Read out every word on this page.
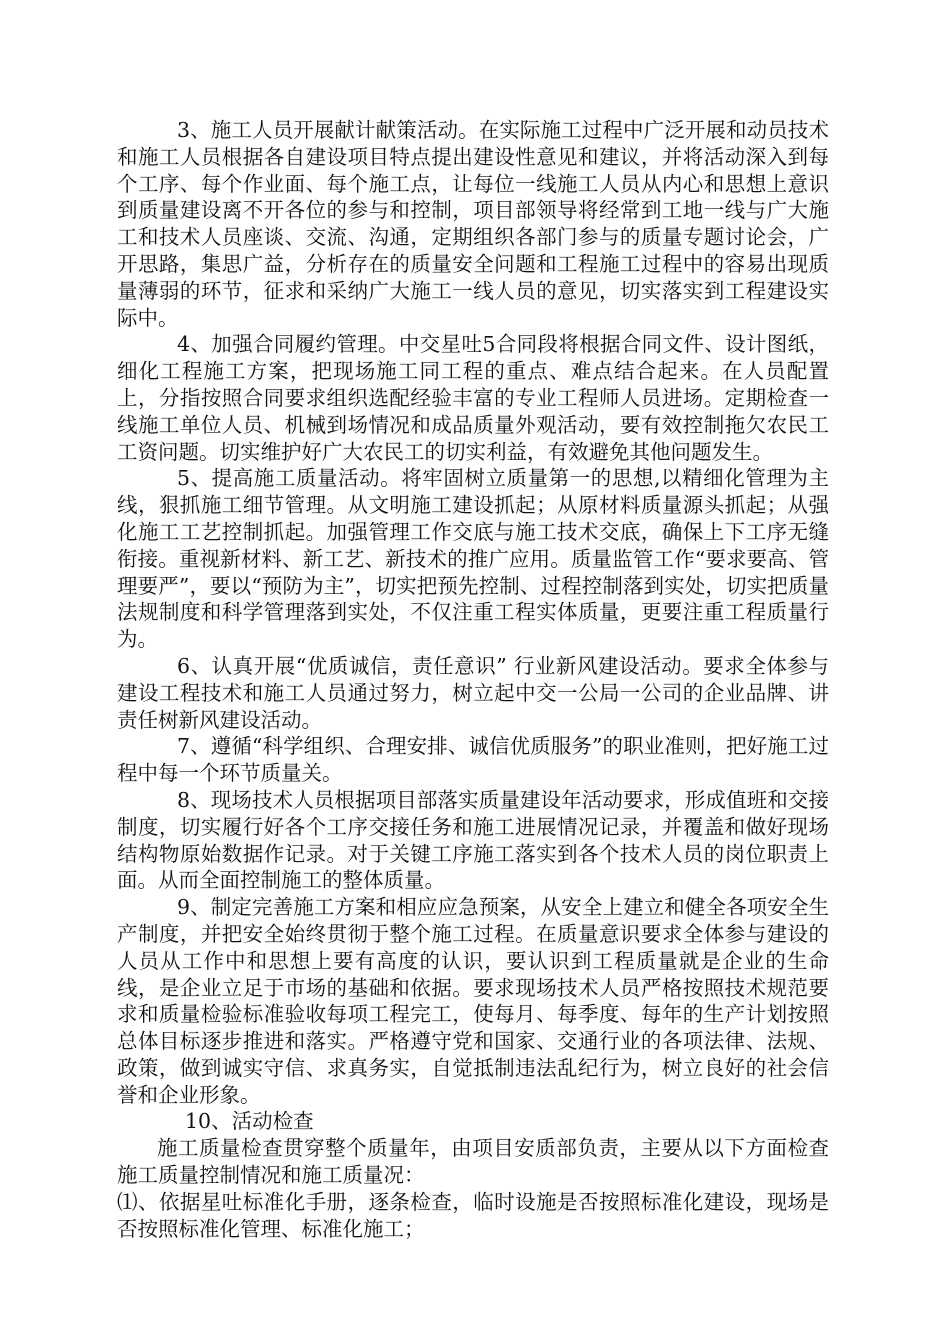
3、施工人员开展献计献策活动。在实际施工过程中广泛开展和动员技术和施工人员根据各自建设项目特点提出建设性意见和建议，并将活动深入到每个工序、每个作业面、每个施工点，让每位一线施工人员从内心和思想上意识到质量建设离不开各位的参与和控制，项目部领导将经常到工地一线与广大施工和技术人员座谈、交流、沟通，定期组织各部门参与的质量专题讨论会，广开思路，集思广益，分析存在的质量安全问题和工程施工过程中的容易出现质量薄弱的环节，征求和采纳广大施工一线人员的意见，切实落实到工程建设实际中。

4、加强合同履约管理。中交星吐5合同段将根据合同文件、设计图纸，细化工程施工方案，把现场施工同工程的重点、难点结合起来。在人员配置上，分指按照合同要求组织选配经验丰富的专业工程师人员进场。定期检查一线施工单位人员、机械到场情况和成品质量外观活动，要有效控制拖欠农民工工资问题。切实维护好广大农民工的切实利益，有效避免其他问题发生。

5、提高施工质量活动。将牢固树立质量第一的思想,以精细化管理为主线，狠抓施工细节管理。从文明施工建设抓起；从原材料质量源头抓起；从强化施工工艺控制抓起。加强管理工作交底与施工技术交底，确保上下工序无缝衔接。重视新材料、新工艺、新技术的推广应用。质量监管工作“要求要高、管理要严”，要以“预防为主”，切实把预先控制、过程控制落到实处，切实把质量法规制度和科学管理落到实处，不仅注重工程实体质量，更要注重工程质量行为。

6、认真开展“优质诚信，责任意识” 行业新风建设活动。要求全体参与建设工程技术和施工人员通过努力，树立起中交一公局一公司的企业品牌、讲责任树新风建设活动。

7、遵循“科学组织、合理安排、诚信优质服务”的职业准则，把好施工过程中每一个环节质量关。

8、现场技术人员根据项目部落实质量建设年活动要求，形成值班和交接制度，切实履行好各个工序交接任务和施工进展情况记录，并覆盖和做好现场结构物原始数据作记录。对于关键工序施工落实到各个技术人员的岗位职责上面。从而全面控制施工的整体质量。

9、制定完善施工方案和相应应急预案，从安全上建立和健全各项安全生产制度，并把安全始终贯彻于整个施工过程。在质量意识要求全体参与建设的人员从工作中和思想上要有高度的认识，要认识到工程质量就是企业的生命线，是企业立足于市场的基础和依据。要求现场技术人员严格按照技术规范要求和质量检验标准验收每项工程完工，使每月、每季度、每年的生产计划按照总体目标逐步推进和落实。严格遵守党和国家、交通行业的各项法律、法规、政策，做到诚实守信、求真务实，自觉抵制违法乱纪行为，树立良好的社会信誉和企业形象。

10、活动检查

施工质量检查贯穿整个质量年，由项目安质部负责，主要从以下方面检查施工质量控制情况和施工质量况：

⑴、依据星吐标准化手册，逐条检查，临时设施是否按照标准化建设，现场是否按照标准化管理、标准化施工；
